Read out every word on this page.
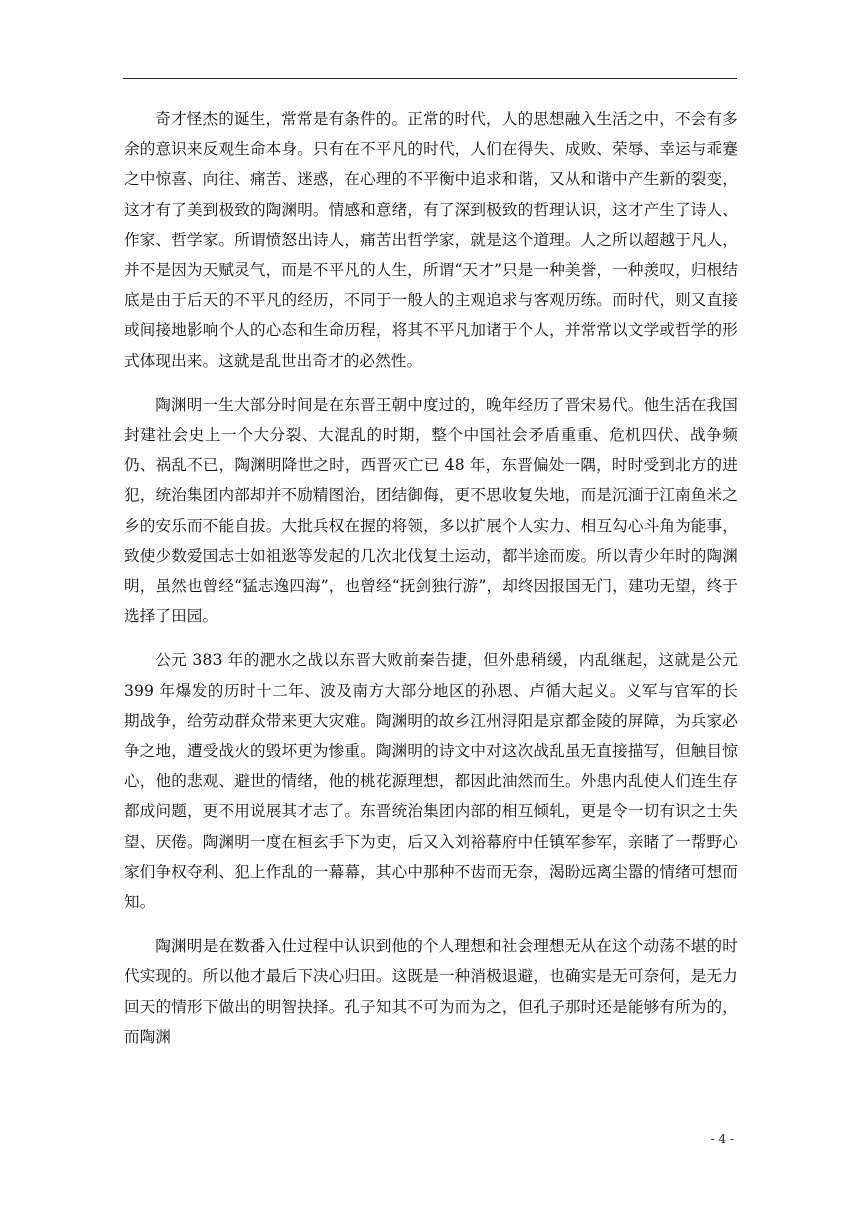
奇才怪杰的诞生，常常是有条件的。正常的时代，人的思想融入生活之中，不会有多余的意识来反观生命本身。只有在不平凡的时代，人们在得失、成败、荣辱、幸运与乖蹇之中惊喜、向往、痛苦、迷惑，在心理的不平衡中追求和谐，又从和谐中产生新的裂变，这才有了美到极致的陶渊明。情感和意绪，有了深到极致的哲理认识，这才产生了诗人、作家、哲学家。所谓愤怒出诗人，痛苦出哲学家，就是这个道理。人之所以超越于凡人，并不是因为天赋灵气，而是不平凡的人生，所谓“天才”只是一种美誉，一种羡叹，归根结底是由于后天的不平凡的经历，不同于一般人的主观追求与客观历练。而时代，则又直接或间接地影响个人的心态和生命历程，将其不平凡加诸于个人，并常常以文学或哲学的形式体现出来。这就是乱世出奇才的必然性。

陶渊明一生大部分时间是在东晋王朝中度过的，晚年经历了晋宋易代。他生活在我国封建社会史上一个大分裂、大混乱的时期，整个中国社会矛盾重重、危机四伏、战争频仍、祸乱不已，陶渊明降世之时，西晋灭亡已 48 年，东晋偏处一隅，时时受到北方的进犯，统治集团内部却并不励精图治，团结御侮，更不思收复失地，而是沉湎于江南鱼米之乡的安乐而不能自拔。大批兵权在握的将领，多以扩展个人实力、相互勾心斗角为能事，致使少数爱国志士如祖逖等发起的几次北伐复土运动，都半途而废。所以青少年时的陶渊明，虽然也曾经“猛志逸四海”，也曾经“抚剑独行游”，却终因报国无门，建功无望，终于选择了田园。

公元 383 年的淝水之战以东晋大败前秦告捷，但外患稍缓，内乱继起，这就是公元 399 年爆发的历时十二年、波及南方大部分地区的孙恩、卢循大起义。义军与官军的长期战争，给劳动群众带来更大灾难。陶渊明的故乡江州浔阳是京都金陵的屏障，为兵家必争之地，遭受战火的毁坏更为惨重。陶渊明的诗文中对这次战乱虽无直接描写，但触目惊心，他的悲观、避世的情绪，他的桃花源理想，都因此油然而生。外患内乱使人们连生存都成问题，更不用说展其才志了。东晋统治集团内部的相互倾轧，更是令一切有识之士失望、厌倦。陶渊明一度在桓玄手下为吏，后又入刘裕幕府中任镇军参军，亲睹了一帮野心家们争权夺利、犯上作乱的一幕幕，其心中那种不齿而无奈，渴盼远离尘嚣的情绪可想而知。

陶渊明是在数番入仕过程中认识到他的个人理想和社会理想无从在这个动荡不堪的时代实现的。所以他才最后下决心归田。这既是一种消极退避，也确实是无可奈何，是无力回天的情形下做出的明智抉择。孔子知其不可为而为之，但孔子那时还是能够有所为的，而陶渊

- 4 -
